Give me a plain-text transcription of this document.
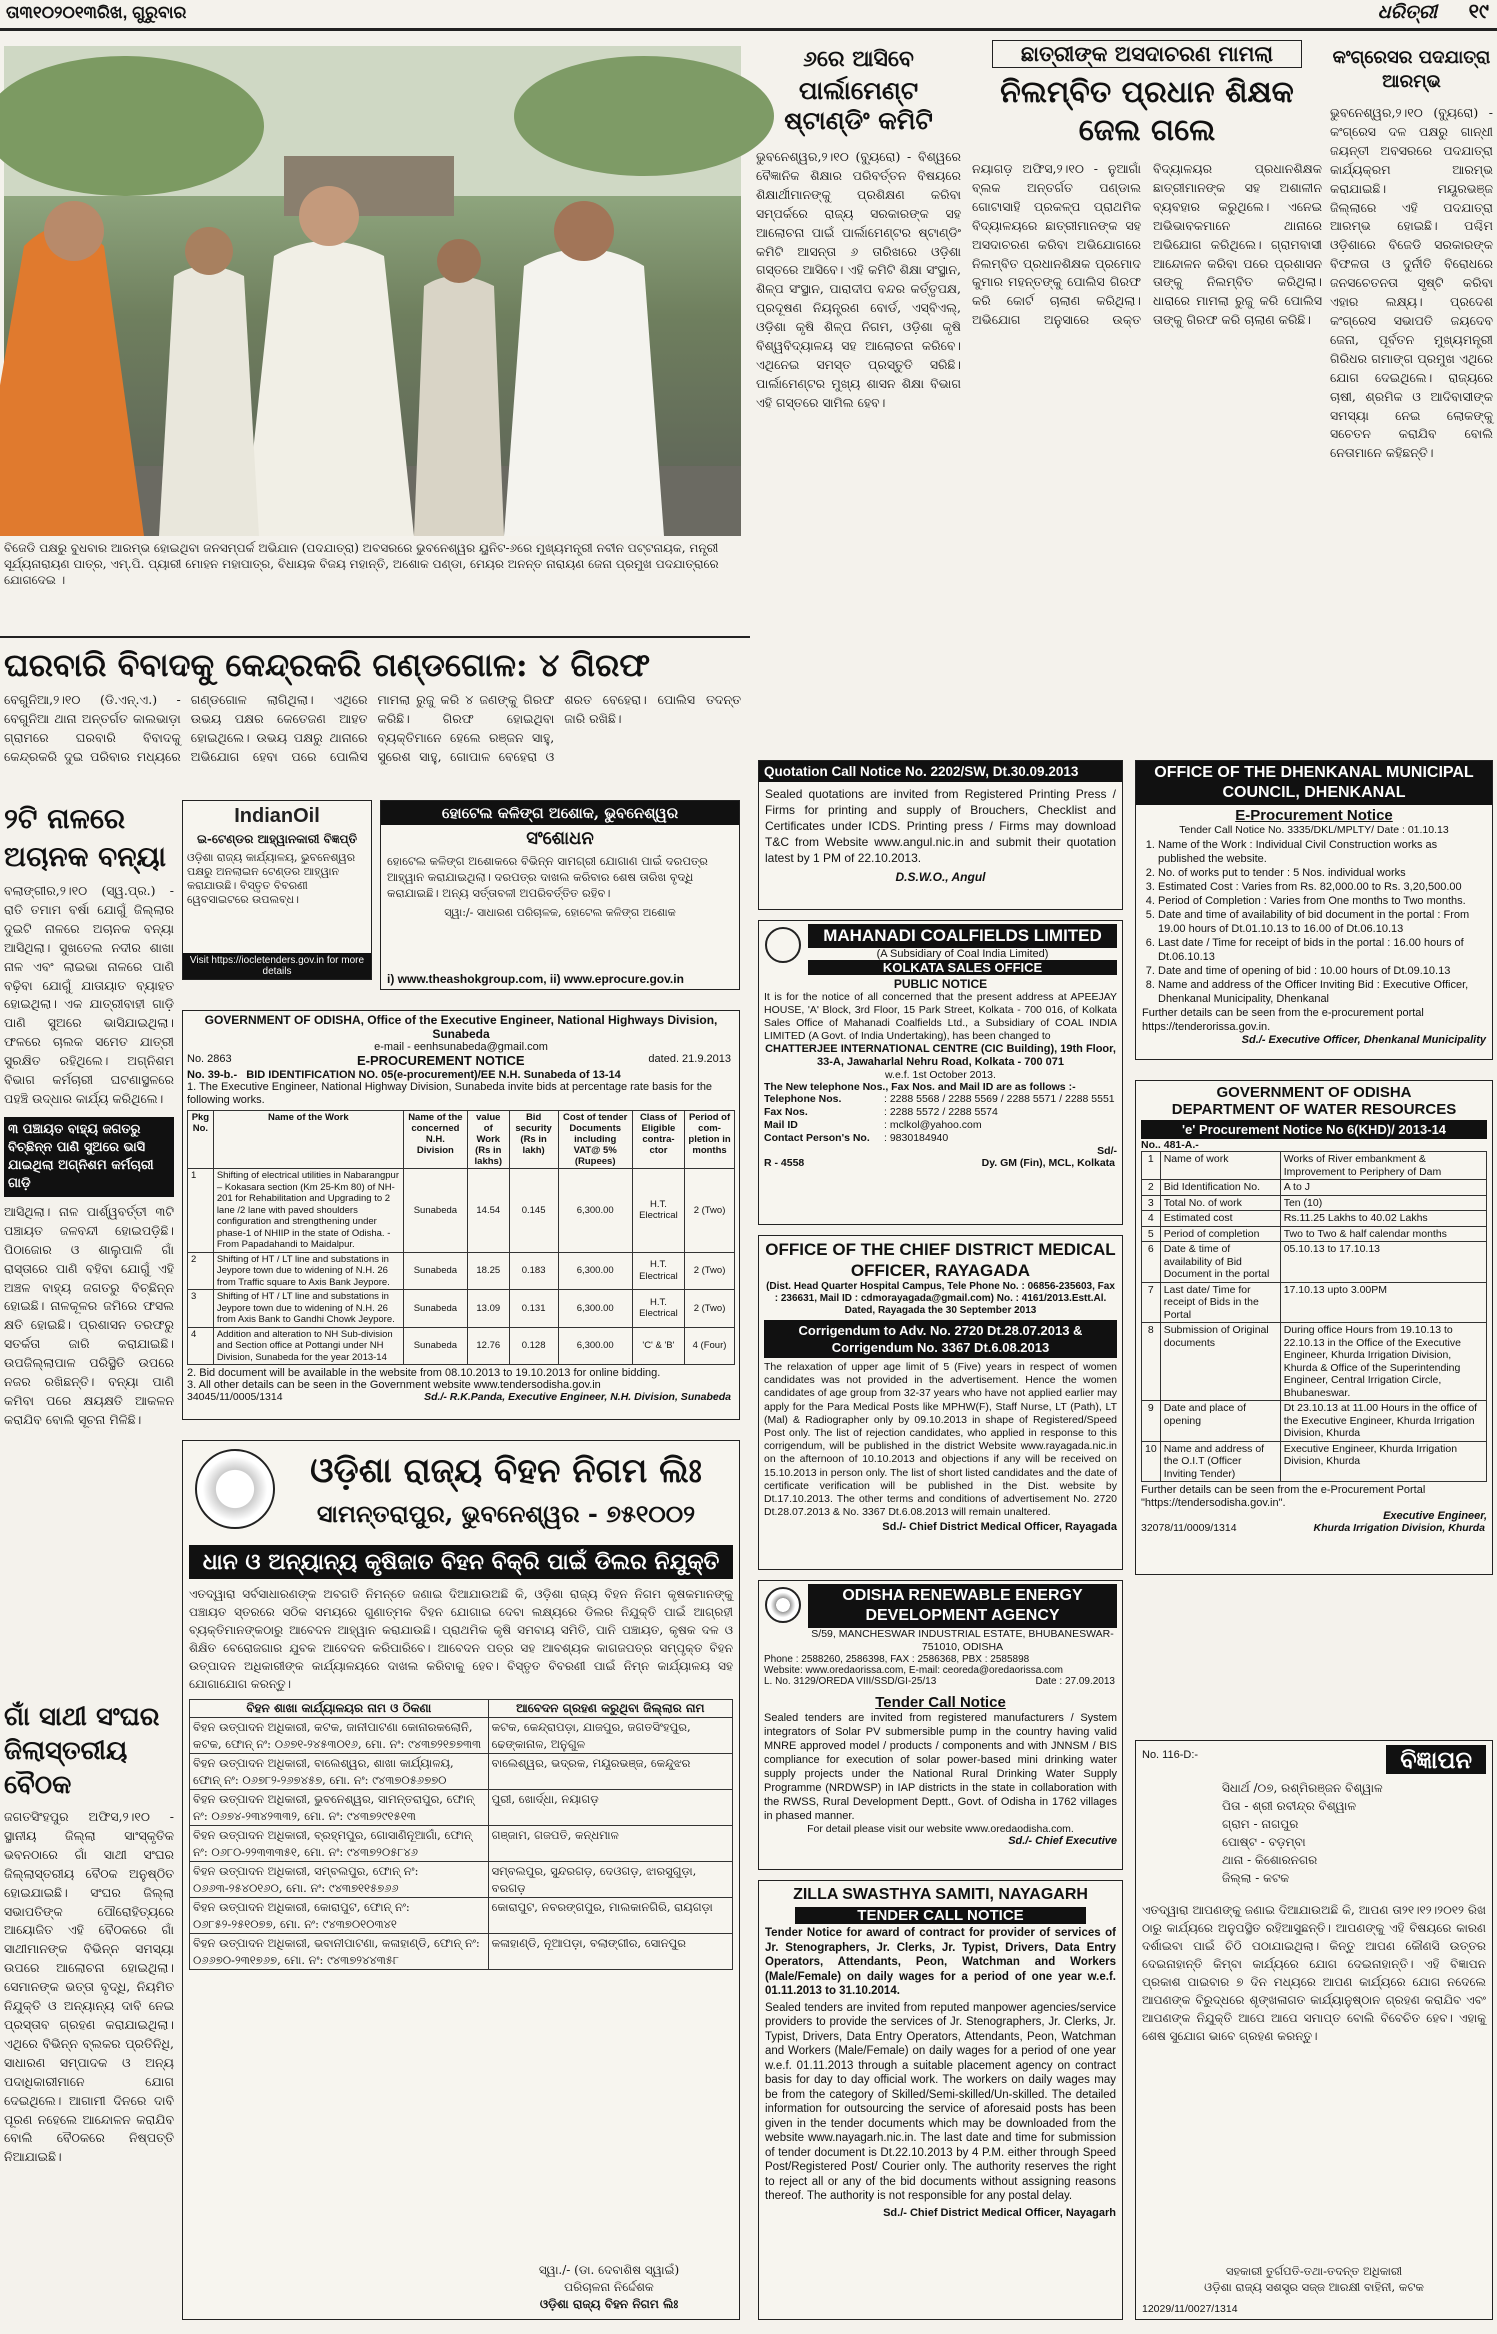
ତା୩୧୦୨୦୧୩ରିଖ, ଗୁରୁବାର	ଧରିତ୍ରୀ ୧୯
ବିଜେଡି ପକ୍ଷରୁ ବୁଧବାର ଆରମ୍ଭ ହୋଇଥିବା ଜନସମ୍ପର୍କ ଅଭିଯାନ (ପଦଯାତ୍ରା) ଅବସରରେ ଭୁବନେଶ୍ୱର ୟୁନିଟ-୬ରେ ମୁଖ୍ୟମନ୍ତ୍ରୀ ନବୀନ ପଟ୍ଟନାୟକ, ମନ୍ତ୍ରୀ ସୂର୍ଯ୍ୟନାରାୟଣ ପାତ୍ର, ଏମ୍.ପି. ପ୍ୟାରୀ ମୋହନ ମହାପାତ୍ର, ବିଧାୟକ ବିଜୟ ମହାନ୍ତି, ଅଶୋକ ପଣ୍ଡା, ମେୟର ଅନନ୍ତ ନାରାୟଣ ଜେନା ପ୍ରମୁଖ ପଦଯାତ୍ରାରେ ଯୋଗଦେଇ ।
୬ରେ ଆସିବେ
ପାର୍ଲାମେଣ୍ଟ ଷ୍ଟାଣ୍ଡିଂ କମିଟି
ଭୁବନେଶ୍ୱର,୨।୧୦ (ବ୍ୟୁରୋ) - ବିଶ୍ୱରେ ବୈଜ୍ଞାନିକ ଶିକ୍ଷାର ପରିବର୍ତ୍ତନ ବିଷୟରେ ଶିକ୍ଷାର୍ଥୀମାନଙ୍କୁ ପ୍ରଶିକ୍ଷଣ କରିବା ସମ୍ପର୍କରେ ରାଜ୍ୟ ସରକାରଙ୍କ ସହ ଆଲୋଚନା ପାଇଁ ପାର୍ଲାମେଣ୍ଟର ଷ୍ଟାଣ୍ଡିଂ କମିଟି ଆସନ୍ତା ୬ ତାରିଖରେ ଓଡ଼ିଶା ଗସ୍ତରେ ଆସିବେ। ଏହି କମିଟି ଶିକ୍ଷା ସଂସ୍ଥାନ, ଶିଳ୍ପ ସଂସ୍ଥାନ, ପାରାଦୀପ ବନ୍ଦର କର୍ତ୍ତୃପକ୍ଷ, ପ୍ରଦୂଷଣ ନିୟନ୍ତ୍ରଣ ବୋର୍ଡ, ଏସ୍‌ବିଏଲ୍, ଓଡ଼ିଶା କୃଷି ଶିଳ୍ପ ନିଗମ, ଓଡ଼ିଶା କୃଷି ବିଶ୍ୱବିଦ୍ୟାଳୟ ସହ ଆଲୋଚନା କରିବେ। ଏଥିନେଇ ସମସ୍ତ ପ୍ରସ୍ତୁତି ସରିଛି। ପାର୍ଲାମେଣ୍ଟର ମୁଖ୍ୟ ଶାସନ ଶିକ୍ଷା ବିଭାଗ ଏହି ଗସ୍ତରେ ସାମିଲ ହେବ।
ଛାତ୍ରୀଙ୍କ ଅସଦାଚରଣ ମାମଲା
ନିଲମ୍ବିତ ପ୍ରଧାନ ଶିକ୍ଷକ ଜେଲ ଗଲେ
ନୟାଗଡ଼ ଅଫିସ,୨।୧୦ - ନୁଆଗାଁ ବ୍ଲକ ଅନ୍ତର୍ଗତ ପଣ୍ଡାଲ ଗୋଟାସାହି ପ୍ରକଳ୍ପ ପ୍ରାଥମିକ ବିଦ୍ୟାଳୟରେ ଛାତ୍ରୀମାନଙ୍କ ସହ ଅସଦାଚରଣ କରିବା ଅଭିଯୋଗରେ ନିଲମ୍ବିତ ପ୍ରଧାନଶିକ୍ଷକ ପ୍ରମୋଦ କୁମାର ମହନ୍ତଙ୍କୁ ପୋଲିସ ଗିରଫ କରି କୋର୍ଟ ଚାଲାଣ କରିଥିଲା। ଅଭିଯୋଗ ଅନୁସାରେ ଉକ୍ତ ବିଦ୍ୟାଳୟର ପ୍ରଧାନଶିକ୍ଷକ ଛାତ୍ରୀମାନଙ୍କ ସହ ଅଶାଳୀନ ବ୍ୟବହାର କରୁଥିଲେ। ଏନେଇ ଅଭିଭାବକମାନେ ଥାନାରେ ଅଭିଯୋଗ କରିଥିଲେ। ଗ୍ରାମବାସୀ ଆନ୍ଦୋଳନ କରିବା ପରେ ପ୍ରଶାସନ ତାଙ୍କୁ ନିଲମ୍ବିତ କରିଥିଲା। ଧାରାରେ ମାମଲା ରୁଜୁ କରି ପୋଲିସ ତାଙ୍କୁ ଗିରଫ କରି ଚାଲାଣ କରିଛି।
କଂଗ୍ରେସର ପଦଯାତ୍ରା ଆରମ୍ଭ
ଭୁବନେଶ୍ୱର,୨।୧୦ (ବ୍ୟୁରୋ) - କଂଗ୍ରେସ ଦଳ ପକ୍ଷରୁ ଗାନ୍ଧୀ ଜୟନ୍ତୀ ଅବସରରେ ପଦଯାତ୍ରା କାର୍ଯ୍ୟକ୍ରମ ଆରମ୍ଭ କରାଯାଇଛି। ମୟୂରଭଞ୍ଜ ଜିଲ୍ଲାରେ ଏହି ପଦଯାତ୍ରା ଆରମ୍ଭ ହୋଇଛି। ପଶ୍ଚିମ ଓଡ଼ିଶାରେ ବିଜେଡି ସରକାରଙ୍କ ବିଫଳତା ଓ ଦୁର୍ନୀତି ବିରୋଧରେ ଜନସଚେତନତା ସୃଷ୍ଟି କରିବା ଏହାର ଲକ୍ଷ୍ୟ। ପ୍ରଦେଶ କଂଗ୍ରେସ ସଭାପତି ଜୟଦେବ ଜେନା, ପୂର୍ବତନ ମୁଖ୍ୟମନ୍ତ୍ରୀ ଗିରିଧର ଗମାଙ୍ଗ ପ୍ରମୁଖ ଏଥିରେ ଯୋଗ ଦେଇଥିଲେ। ରାଜ୍ୟରେ ଚାଷୀ, ଶ୍ରମିକ ଓ ଆଦିବାସୀଙ୍କ ସମସ୍ୟା ନେଇ ଲୋକଙ୍କୁ ସଚେତନ କରାଯିବ ବୋଲି ନେତାମାନେ କହିଛନ୍ତି।
ଘରବାରି ବିବାଦକୁ କେନ୍ଦ୍ରକରି ଗଣ୍ଡଗୋଳ: ୪ ଗିରଫ
ବେଗୁନିଆ,୨।୧୦ (ଡି.ଏନ୍.ଏ.) - ବେଗୁନିଆ ଥାନା ଅନ୍ତର୍ଗତ କାଲଭାଡ଼ା ଗ୍ରାମରେ ଘରବାରି ବିବାଦକୁ କେନ୍ଦ୍ରକରି ଦୁଇ ପରିବାର ମଧ୍ୟରେ ଗଣ୍ଡଗୋଳ ଲାଗିଥିଲା। ଏଥିରେ ଉଭୟ ପକ୍ଷର କେତେଜଣ ଆହତ ହୋଇଥିଲେ। ଉଭୟ ପକ୍ଷରୁ ଥାନାରେ ଅଭିଯୋଗ ହେବା ପରେ ପୋଲିସ ମାମଲା ରୁଜୁ କରି ୪ ଜଣଙ୍କୁ ଗିରଫ କରିଛି। ଗିରଫ ହୋଇଥିବା ବ୍ୟକ୍ତିମାନେ ହେଲେ ରଞ୍ଜନ ସାହୁ, ସୁରେଶ ସାହୁ, ଗୋପାଳ ବେହେରା ଓ ଶରତ ବେହେରା। ପୋଲିସ ତଦନ୍ତ ଜାରି ରଖିଛି।
୨ଟି ନାଳରେ ଅଚାନକ ବନ୍ୟା
ବଲାଙ୍ଗୀର,୨।୧୦ (ସ୍ୱ.ପ୍ର.) - ରାତି ତମାମ ବର୍ଷା ଯୋଗୁଁ ଜିଲ୍ଲାର ଦୁଇଟି ନାଳରେ ଅଚାନକ ବନ୍ୟା ଆସିଥିଲା। ସୁଖତେଲ ନଦୀର ଶାଖା ନାଳ ଏବଂ ଲାଇଭା ନାଳରେ ପାଣି ବଢ଼ିବା ଯୋଗୁଁ ଯାତାୟାତ ବ୍ୟାହତ ହୋଇଥିଲା। ଏକ ଯାତ୍ରୀବାହୀ ଗାଡ଼ି ପାଣି ସୁଅରେ ଭାସିଯାଇଥିଲା। ଫଳରେ ଚାଲକ ସମେତ ଯାତ୍ରୀ ସୁରକ୍ଷିତ ରହିଥିଲେ। ଅଗ୍ନିଶମ ବିଭାଗ କର୍ମଚାରୀ ଘଟଣାସ୍ଥଳରେ ପହଞ୍ଚି ଉଦ୍ଧାର କାର୍ଯ୍ୟ କରିଥିଲେ।
୩ ପଞ୍ଚାୟତ ବାହ୍ୟ ଜଗତରୁ ବିଚ୍ଛିନ୍ନ ପାଣି ସୁଅରେ ଭାସି ଯାଇଥିଲା ଅଗ୍ନିଶମ କର୍ମଚାରୀ ଗାଡ଼ି
ଆସିଥିଲା। ନାଳ ପାର୍ଶ୍ୱବର୍ତ୍ତୀ ୩ଟି ପଞ୍ଚାୟତ ଜଳବନ୍ଦୀ ହୋଇପଡ଼ିଛି। ପିଠାଜୋର ଓ ଶାଲୁପାଳି ଗାଁ ରାସ୍ତାରେ ପାଣି ବହିବା ଯୋଗୁଁ ଏହି ଅଞ୍ଚଳ ବାହ୍ୟ ଜଗତରୁ ବିଚ୍ଛିନ୍ନ ହୋଇଛି। ନାଳକୂଳର ଜମିରେ ଫସଲ କ୍ଷତି ହୋଇଛି। ପ୍ରଶାସନ ତରଫରୁ ସତର୍କତା ଜାରି କରାଯାଇଛି। ଉପଜିଲ୍ଲାପାଳ ପରିସ୍ଥିତି ଉପରେ ନଜର ରଖିଛନ୍ତି। ବନ୍ୟା ପାଣି କମିବା ପରେ କ୍ଷୟକ୍ଷତି ଆକଳନ କରାଯିବ ବୋଲି ସୂଚନା ମିଳିଛି।
ଗାଁ ସାଥୀ ସଂଘର ଜିଲାସ୍ତରୀୟ ବୈଠକ
ଜଗତସିଂହପୁର ଅଫିସ,୨।୧୦ - ସ୍ଥାନୀୟ ଜିଲ୍ଲା ସାଂସ୍କୃତିକ ଭବନଠାରେ ଗାଁ ସାଥୀ ସଂଘର ଜିଲ୍ଲାସ୍ତରୀୟ ବୈଠକ ଅନୁଷ୍ଠିତ ହୋଇଯାଇଛି। ସଂଘର ଜିଲ୍ଲା ସଭାପତିଙ୍କ ପୌରୋହିତ୍ୟରେ ଆୟୋଜିତ ଏହି ବୈଠକରେ ଗାଁ ସାଥୀମାନଙ୍କ ବିଭିନ୍ନ ସମସ୍ୟା ଉପରେ ଆଲୋଚନା ହୋଇଥିଲା। ସେମାନଙ୍କ ଭତ୍ତା ବୃଦ୍ଧି, ନିୟମିତ ନିଯୁକ୍ତି ଓ ଅନ୍ୟାନ୍ୟ ଦାବି ନେଇ ପ୍ରସ୍ତାବ ଗ୍ରହଣ କରାଯାଇଥିଲା। ଏଥିରେ ବିଭିନ୍ନ ବ୍ଲକର ପ୍ରତିନିଧି, ସାଧାରଣ ସମ୍ପାଦକ ଓ ଅନ୍ୟ ପଦାଧିକାରୀମାନେ ଯୋଗ ଦେଇଥିଲେ। ଆଗାମୀ ଦିନରେ ଦାବି ପୂରଣ ନହେଲେ ଆନ୍ଦୋଳନ କରାଯିବ ବୋଲି ବୈଠକରେ ନିଷ୍ପତ୍ତି ନିଆଯାଇଛି।
IndianOil
ଇ-ଟେଣ୍ଡର ଆହ୍ୱାନକାରୀ ବିଜ୍ଞପ୍ତି
ଓଡ଼ିଶା ରାଜ୍ୟ କାର୍ଯ୍ୟାଳୟ, ଭୁବନେଶ୍ୱର ପକ୍ଷରୁ ଅନଲାଇନ ଟେଣ୍ଡର ଆହ୍ୱାନ କରାଯାଉଛି। ବିସ୍ତୃତ ବିବରଣୀ ୱେବସାଇଟରେ ଉପଲବ୍ଧ।
Visit https://iocletenders.gov.in for more details
ହୋଟେଲ କଳିଙ୍ଗ ଅଶୋକ, ଭୁବନେଶ୍ୱର
ସଂଶୋଧନ
ହୋଟେଲ କଳିଙ୍ଗ ଅଶୋକରେ ବିଭିନ୍ନ ସାମଗ୍ରୀ ଯୋଗାଣ ପାଇଁ ଦରପତ୍ର ଆହ୍ୱାନ କରାଯାଇଥିଲା। ଦରପତ୍ର ଦାଖଲ କରିବାର ଶେଷ ତାରିଖ ବୃଦ୍ଧି କରାଯାଇଛି। ଅନ୍ୟ ସର୍ତ୍ତାବଳୀ ଅପରିବର୍ତ୍ତିତ ରହିବ।
ସ୍ୱା:/- ସାଧାରଣ ପରିଚାଳକ, ହୋଟେଲ କଳିଙ୍ଗ ଅଶୋକ
i) www.theashokgroup.com, ii) www.eprocure.gov.in
GOVERNMENT OF ODISHA, Office of the Executive Engineer, National Highways Division, Sunabeda
e-mail - eenhsunabeda@gmail.com
No. 2863	E-PROCUREMENT NOTICE	dated. 21.9.2013
No. 39-b.- BID IDENTIFICATION NO. 05(e-procurement)/EE N.H. Sunabeda of 13-14
1. The Executive Engineer, National Highway Division, Sunabeda invite bids at percentage rate basis for the following works.
Pkg No.	Name of the Work	Name of the concerned N.H. Division	value of Work (Rs in lakhs)	Bid security (Rs in lakh)	Cost of tender Documents including VAT@ 5% (Rupees)	Class of Eligible contra-ctor	Period of com-pletion in months
1	Shifting of electrical utilities in Nabarangpur – Kokasara section (Km 25-Km 80) of NH-201 for Rehabilitation and Upgrading to 2 lane /2 lane with paved shoulders configuration and strengthening under phase-1 of NHIIP in the state of Odisha. - From Papadahandi to Maidalpur.	Sunabeda	14.54	0.145	6,300.00	H.T. Electrical	2 (Two)
2	Shifting of HT / LT line and substations in Jeypore town due to widening of N.H. 26 from Traffic square to Axis Bank Jeypore.	Sunabeda	18.25	0.183	6,300.00	H.T. Electrical	2 (Two)
3	Shifting of HT / LT line and substations in Jeypore town due to widening of N.H. 26 from Axis Bank to Gandhi Chowk Jeypore.	Sunabeda	13.09	0.131	6,300.00	H.T. Electrical	2 (Two)
4	Addition and alteration to NH Sub-division and Section office at Pottangi under NH Division, Sunabeda for the year 2013-14	Sunabeda	12.76	0.128	6,300.00	'C' & 'B'	4 (Four)
2. Bid document will be available in the website from 08.10.2013 to 19.10.2013 for online bidding.
3. All other details can be seen in the Government website www.tendersodisha.gov.in
34045/11/0005/1314	Sd./- R.K.Panda, Executive Engineer, N.H. Division, Sunabeda
ଓଡ଼ିଶା ରାଜ୍ୟ ବିହନ ନିଗମ ଲିଃ
ସାମନ୍ତରାପୁର, ଭୁବନେଶ୍ୱର - ୭୫୧୦୦୨
ଧାନ ଓ ଅନ୍ୟାନ୍ୟ କୃଷିଜାତ ବିହନ ବିକ୍ରି ପାଇଁ ଡିଲର ନିଯୁକ୍ତି
ଏତଦ୍ୱାରା ସର୍ବସାଧାରଣଙ୍କ ଅବଗତି ନିମନ୍ତେ ଜଣାଇ ଦିଆଯାଉଅଛି କି, ଓଡ଼ିଶା ରାଜ୍ୟ ବିହନ ନିଗମ କୃଷକମାନଙ୍କୁ ପଞ୍ଚାୟତ ସ୍ତରରେ ସଠିକ ସମୟରେ ଗୁଣାତ୍ମକ ବିହନ ଯୋଗାଇ ଦେବା ଲକ୍ଷ୍ୟରେ ଡିଲର ନିଯୁକ୍ତି ପାଇଁ ଆଗ୍ରହୀ ବ୍ୟକ୍ତିମାନଙ୍କଠାରୁ ଆବେଦନ ଆହ୍ୱାନ କରାଯାଉଛି। ପ୍ରାଥମିକ କୃଷି ସମବାୟ ସମିତି, ପାନି ପଞ୍ଚାୟତ, କୃଷକ ଦଳ ଓ ଶିକ୍ଷିତ ବେରୋଜଗାର ଯୁବକ ଆବେଦନ କରିପାରିବେ। ଆବେଦନ ପତ୍ର ସହ ଆବଶ୍ୟକ କାଗଜପତ୍ର ସମ୍ପୃକ୍ତ ବିହନ ଉତ୍ପାଦନ ଅଧିକାରୀଙ୍କ କାର୍ଯ୍ୟାଳୟରେ ଦାଖଲ କରିବାକୁ ହେବ। ବିସ୍ତୃତ ବିବରଣୀ ପାଇଁ ନିମ୍ନ କାର୍ଯ୍ୟାଳୟ ସହ ଯୋଗାଯୋଗ କରନ୍ତୁ।
ବିହନ ଶାଖା କାର୍ଯ୍ୟାଳୟର ନାମ ଓ ଠିକଣା	ଆବେଦନ ଗ୍ରହଣ କରୁଥିବା ଜିଲ୍ଲାର ନାମ
ବିହନ ଉତ୍ପାଦନ ଅଧିକାରୀ, କଟକ, ଜାନୀପାଟଣା କୋନାରକଲୋନି, କଟକ, ଫୋନ୍ ନଂ: ୦୬୭୧-୨୪୫୩୦୧୬, ମୋ. ନଂ: ୯୪୩୭୨୧୭୭୩୩	କଟକ, କେନ୍ଦ୍ରାପଡ଼ା, ଯାଜପୁର, ଜଗତସିଂହପୁର, ଢେଙ୍କାନାଳ, ଅନୁଗୁଳ
ବିହନ ଉତ୍ପାଦନ ଅଧିକାରୀ, ବାଲେଶ୍ୱର, ଶାଖା କାର୍ଯ୍ୟାଳୟ, ଫୋନ୍ ନଂ: ୦୬୭୮୨-୨୬୭୪୫୭, ମୋ. ନଂ: ୯୪୩୭୦୫୬୭୭୦	ବାଲେଶ୍ୱର, ଭଦ୍ରକ, ମୟୂରଭଞ୍ଜ, କେନ୍ଦୁଝର
ବିହନ ଉତ୍ପାଦନ ଅଧିକାରୀ, ଭୁବନେଶ୍ୱର, ସାମନ୍ତରାପୁର, ଫୋନ୍ ନଂ: ୦୬୭୪-୨୩୪୨୩୩୨, ମୋ. ନଂ: ୯୪୩୭୨୯୧୫୧୩	ପୁରୀ, ଖୋର୍ଦ୍ଧା, ନୟାଗଡ଼
ବିହନ ଉତ୍ପାଦନ ଅଧିକାରୀ, ବ୍ରହ୍ମପୁର, ଗୋସାଣିନୂଆଗାଁ, ଫୋନ୍ ନଂ: ୦୬୮୦-୨୨୩୩୩୫୧, ମୋ. ନଂ: ୯୪୩୭୨୦୫୮୪୬	ଗଞ୍ଜାମ, ଗଜପତି, କନ୍ଧମାଳ
ବିହନ ଉତ୍ପାଦନ ଅଧିକାରୀ, ସମ୍ବଲପୁର, ଫୋନ୍ ନଂ: ୦୬୬୩-୨୫୪୦୧୬୦, ମୋ. ନଂ: ୯୪୩୭୧୧୫୭୬୬	ସମ୍ବଲପୁର, ସୁନ୍ଦରଗଡ଼, ଦେଓଗଡ଼, ଝାରସୁଗୁଡ଼ା, ବରଗଡ଼
ବିହନ ଉତ୍ପାଦନ ଅଧିକାରୀ, କୋରାପୁଟ, ଫୋନ୍ ନଂ: ୦୬୮୫୨-୨୫୧୦୭୭, ମୋ. ନଂ: ୯୪୩୭୦୧୦୩୪୧	କୋରାପୁଟ, ନବରଙ୍ଗପୁର, ମାଲକାନଗିରି, ରାୟଗଡ଼ା
ବିହନ ଉତ୍ପାଦନ ଅଧିକାରୀ, ଭବାନୀପାଟଣା, କଳାହାଣ୍ଡି, ଫୋନ୍ ନଂ: ୦୬୬୭୦-୨୩୧୭୬୭, ମୋ. ନଂ: ୯୪୩୭୨୪୪୩୫୮	କଳାହାଣ୍ଡି, ନୂଆପଡ଼ା, ବଲାଙ୍ଗୀର, ସୋନପୁର
ସ୍ୱା./- (ଡା. ଦେବାଶିଷ ସ୍ୱାଇଁ)
ପରିଚାଳନା ନିର୍ଦ୍ଦେଶକ
ଓଡ଼ିଶା ରାଜ୍ୟ ବିହନ ନିଗମ ଲିଃ
Quotation Call Notice No. 2202/SW, Dt.30.09.2013
Sealed quotations are invited from Registered Printing Press / Firms for printing and supply of Brouchers, Checklist and Certificates under ICDS. Printing press / Firms may download T&C from Website www.angul.nic.in and submit their quotation latest by 1 PM of 22.10.2013.
D.S.W.O., Angul
MAHANADI COALFIELDS LIMITED
(A Subsidiary of Coal India Limited)
KOLKATA SALES OFFICE
PUBLIC NOTICE
It is for the notice of all concerned that the present address at APEEJAY HOUSE, 'A' Block, 3rd Floor, 15 Park Street, Kolkata - 700 016, of Kolkata Sales Office of Mahanadi Coalfields Ltd., a Subsidiary of COAL INDIA LIMITED (A Govt. of India Undertaking), has been changed to
CHATTERJEE INTERNATIONAL CENTRE (CIC Building), 19th Floor, 33-A, Jawaharlal Nehru Road, Kolkata - 700 071
w.e.f. 1st October 2013.
The New telephone Nos., Fax Nos. and Mail ID are as follows :-
Telephone Nos.	: 2288 5568 / 2288 5569 / 2288 5571 / 2288 5551
Fax Nos.	: 2288 5572 / 2288 5574
Mail ID	: mclkol@yahoo.com
Contact Person's No. : 9830184940
Sd/-
R - 4558	Dy. GM (Fin), MCL, Kolkata
OFFICE OF THE CHIEF DISTRICT MEDICAL OFFICER, RAYAGADA
(Dist. Head Quarter Hospital Campus, Tele Phone No. : 06856-235603, Fax : 236631, Mail ID : cdmorayagada@gmail.com) No. : 4161/2013.Estt.Al. Dated, Rayagada the 30 September 2013
Corrigendum to Adv. No. 2720 Dt.28.07.2013 & Corrigendum No. 3367 Dt.6.08.2013
The relaxation of upper age limit of 5 (Five) years in respect of women candidates was not provided in the advertisement. Hence the women candidates of age group from 32-37 years who have not applied earlier may apply for the Para Medical Posts like MPHW(F), Staff Nurse, LT (Path), LT (Mal) & Radiographer only by 09.10.2013 in shape of Registered/Speed Post only. The list of rejection candidates, who applied in response to this corrigendum, will be published in the district Website www.rayagada.nic.in on the afternoon of 10.10.2013 and objections if any will be received on 15.10.2013 in person only. The list of short listed candidates and the date of certificate verification will be published in the Dist. website by Dt.17.10.2013. The other terms and conditions of advertisement No. 2720 Dt.28.07.2013 & No. 3367 Dt.6.08.2013 will remain unaltered.
Sd./- Chief District Medical Officer, Rayagada
ODISHA RENEWABLE ENERGY DEVELOPMENT AGENCY
S/59, MANCHESWAR INDUSTRIAL ESTATE, BHUBANESWAR-751010, ODISHA
Phone : 2588260, 2586398, FAX : 2586368, PBX : 2585898
Website: www.oredaorissa.com, E-mail: ceoreda@oredaorissa.com
L. No. 3129/OREDA VIII/SSD/GI-25/13	Date : 27.09.2013
Tender Call Notice
Sealed tenders are invited from registered manufacturers / System integrators of Solar PV submersible pump in the country having valid MNRE approved model / products / components and with JNNSM / BIS compliance for execution of solar power-based mini drinking water supply projects under the National Rural Drinking Water Supply Programme (NRDWSP) in IAP districts in the state in collaboration with the RWSS, Rural Development Deptt., Govt. of Odisha in 1762 villages in phased manner.
For detail please visit our website www.oredaodisha.com.
Sd./- Chief Executive
ZILLA SWASTHYA SAMITI, NAYAGARH
TENDER CALL NOTICE
Tender Notice for award of contract for provider of services of Jr. Stenographers, Jr. Clerks, Jr. Typist, Drivers, Data Entry Operators, Attendants, Peon, Watchman and Workers (Male/Female) on daily wages for a period of one year w.e.f. 01.11.2013 to 31.10.2014.
Sealed tenders are invited from reputed manpower agencies/service providers to provide the services of Jr. Stenographers, Jr. Clerks, Jr. Typist, Drivers, Data Entry Operators, Attendants, Peon, Watchman and Workers (Male/Female) on daily wages for a period of one year w.e.f. 01.11.2013 through a suitable placement agency on contract basis for day to day official work. The workers on daily wages may be from the category of Skilled/Semi-skilled/Un-skilled. The detailed information for outsourcing the service of aforesaid posts has been given in the tender documents which may be downloaded from the website www.nayagarh.nic.in. The last date and time for submission of tender document is Dt.22.10.2013 by 4 P.M. either through Speed Post/Registered Post/ Courier only. The authority reserves the right to reject all or any of the bid documents without assigning reasons thereof. The authority is not responsible for any postal delay.
Sd./- Chief District Medical Officer, Nayagarh
OFFICE OF THE DHENKANAL MUNICIPAL COUNCIL, DHENKANAL
E-Procurement Notice
Tender Call Notice No. 3335/DKL/MPLTY/ Date : 01.10.13
1. Name of the Work : Individual Civil Construction works as published the website.
2. No. of works put to tender : 5 Nos. individual works
3. Estimated Cost : Varies from Rs. 82,000.00 to Rs. 3,20,500.00
4. Period of Completion : Varies from One months to Two months.
5. Date and time of availability of bid document in the portal : From 19.00 hours of Dt.01.10.13 to 16.00 of Dt.06.10.13
6. Last date / Time for receipt of bids in the portal : 16.00 hours of Dt.06.10.13
7. Date and time of opening of bid : 10.00 hours of Dt.09.10.13
8. Name and address of the Officer Inviting Bid : Executive Officer, Dhenkanal Municipality, Dhenkanal
Further details can be seen from the e-procurement portal https://tenderorissa.gov.in.
Sd./- Executive Officer, Dhenkanal Municipality
GOVERNMENT OF ODISHA
DEPARTMENT OF WATER RESOURCES
'e' Procurement Notice No 6(KHD)/ 2013-14
No.. 481-A.-
1	Name of work	Works of River embankment & Improvement to Periphery of Dam
2	Bid Identification No.	A to J
3	Total No. of work	Ten (10)
4	Estimated cost	Rs.11.25 Lakhs to 40.02 Lakhs
5	Period of completion	Two to Two & half calendar months
6	Date & time of availability of Bid Document in the portal	05.10.13 to 17.10.13
7	Last date/ Time for receipt of Bids in the Portal	17.10.13 upto 3.00PM
8	Submission of Original documents	During office Hours from 19.10.13 to 22.10.13 in the Office of the Executive Engineer, Khurda Irrigation Division, Khurda & Office of the Superintending Engineer, Central Irrigation Circle, Bhubaneswar.
9	Date and place of opening	Dt 23.10.13 at 11.00 Hours in the office of the Executive Engineer, Khurda Irrigation Division, Khurda
10	Name and address of the O.I.T (Officer Inviting Tender)	Executive Engineer, Khurda Irrigation Division, Khurda
Further details can be seen from the e-Procurement Portal "https://tendersodisha.gov.in".
Executive Engineer,
32078/11/0009/1314	Khurda Irrigation Division, Khurda
No. 116-D:-	ବିଜ୍ଞାପନ
ସିଧାର୍ଥ /୦୭, ରଶ୍ମିରଞ୍ଜନ ବିଶ୍ୱାଳ
ପିତା - ଶ୍ରୀ ରବୀନ୍ଦ୍ର ବିଶ୍ୱାଳ
ଗ୍ରାମ - ନାଗପୁର
ପୋଷ୍ଟ - ବଡ଼ମ୍ବା
ଥାନା - କିଶୋରନଗର
ଜିଲ୍ଲା - କଟକ
ଏତଦ୍ୱାରା ଆପଣଙ୍କୁ ଜଣାଇ ଦିଆଯାଉଅଛି କି, ଆପଣ ତା୨୧।୧୨।୨୦୧୨ ରିଖ ଠାରୁ କାର୍ଯ୍ୟରେ ଅନୁପସ୍ଥିତ ରହିଆସୁଛନ୍ତି। ଆପଣଙ୍କୁ ଏହି ବିଷୟରେ କାରଣ ଦର୍ଶାଇବା ପାଇଁ ଚିଠି ପଠାଯାଇଥିଲା। କିନ୍ତୁ ଆପଣ କୌଣସି ଉତ୍ତର ଦେଇନାହାନ୍ତି କିମ୍ବା କାର୍ଯ୍ୟରେ ଯୋଗ ଦେଇନାହାନ୍ତି। ଏହି ବିଜ୍ଞାପନ ପ୍ରକାଶ ପାଇବାର ୭ ଦିନ ମଧ୍ୟରେ ଆପଣ କାର୍ଯ୍ୟରେ ଯୋଗ ନଦେଲେ ଆପଣଙ୍କ ବିରୁଦ୍ଧରେ ଶୃଙ୍ଖଳାଗତ କାର୍ଯ୍ୟାନୁଷ୍ଠାନ ଗ୍ରହଣ କରାଯିବ ଏବଂ ଆପଣଙ୍କ ନିଯୁକ୍ତି ଆପେ ଆପେ ସମାପ୍ତ ବୋଲି ବିବେଚିତ ହେବ। ଏହାକୁ ଶେଷ ସୁଯୋଗ ଭାବେ ଗ୍ରହଣ କରନ୍ତୁ।
ସହକାରୀ ତୁର୍ଗପତି-ତଥା-ତଦନ୍ତ ଅଧିକାରୀ
ଓଡ଼ିଶା ରାଜ୍ୟ ସଶସ୍ତ୍ର ସଜ୍ଜ ଆରକ୍ଷୀ ବାହିନୀ, କଟକ
12029/11/0027/1314
